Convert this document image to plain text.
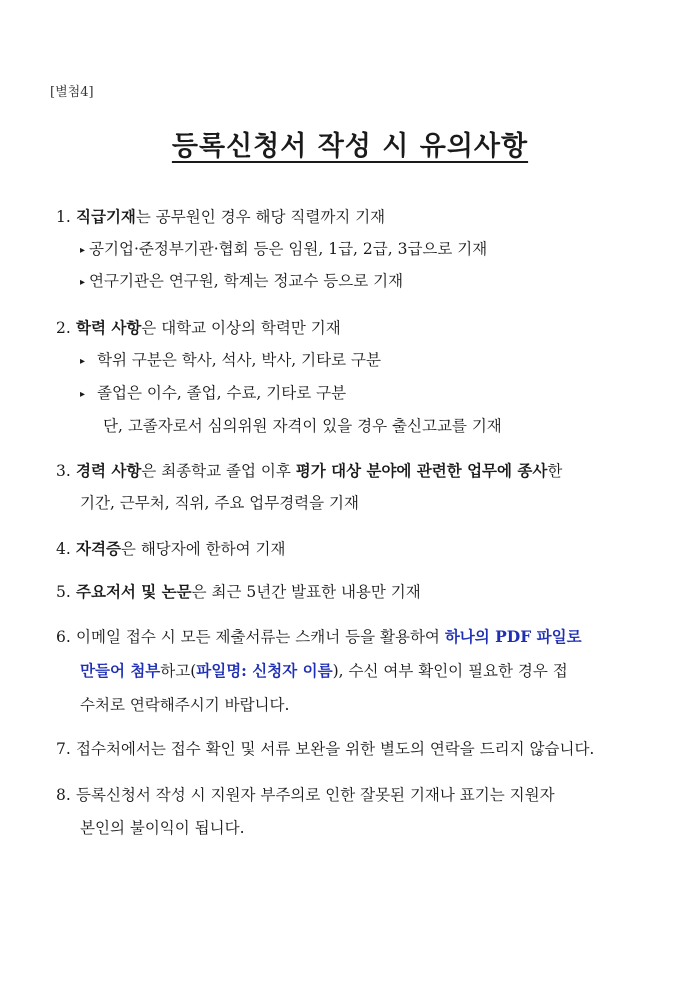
[별첨4]
등록신청서 작성 시 유의사항
1. 직급기재는 공무원인 경우 해당 직렬까지 기재
▸ 공기업·준정부기관·협회 등은 임원, 1급, 2급, 3급으로 기재
▸ 연구기관은 연구원, 학계는 정교수 등으로 기재
2. 학력 사항은 대학교 이상의 학력만 기재
▸ 학위 구분은 학사, 석사, 박사, 기타로 구분
▸ 졸업은 이수, 졸업, 수료, 기타로 구분
단, 고졸자로서 심의위원 자격이 있을 경우 출신고교를 기재
3. 경력 사항은 최종학교 졸업 이후 평가 대상 분야에 관련한 업무에 종사한
기간, 근무처, 직위, 주요 업무경력을 기재
4. 자격증은 해당자에 한하여 기재
5. 주요저서 및 논문은 최근 5년간 발표한 내용만 기재
6. 이메일 접수 시 모든 제출서류는 스캐너 등을 활용하여 하나의 PDF 파일로
만들어 첨부하고(파일명: 신청자 이름), 수신 여부 확인이 필요한 경우 접
수처로 연락해주시기 바랍니다.
7. 접수처에서는 접수 확인 및 서류 보완을 위한 별도의 연락을 드리지 않습니다.
8. 등록신청서 작성 시 지원자 부주의로 인한 잘못된 기재나 표기는 지원자
본인의 불이익이 됩니다.
